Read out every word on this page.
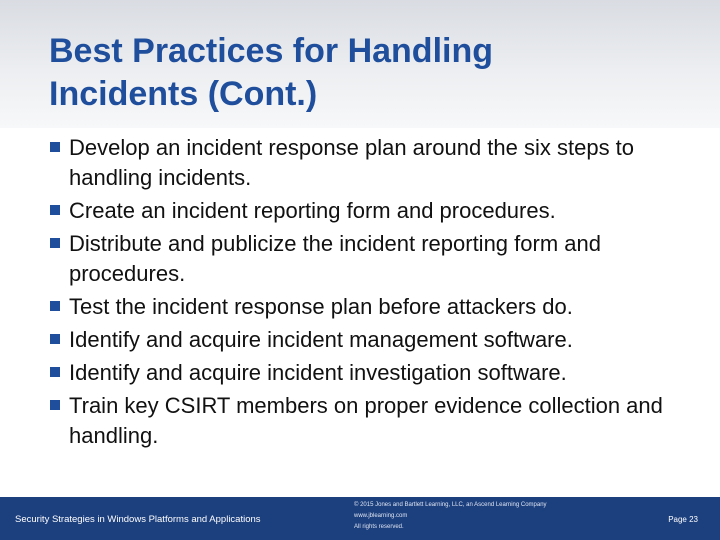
Best Practices for Handling
Incidents (Cont.)
Develop an incident response plan around the six steps to handling incidents.
Create an incident reporting form and procedures.
Distribute and publicize the incident reporting form and procedures.
Test the incident response plan before attackers do.
Identify and acquire incident management software.
Identify and acquire incident investigation software.
Train key CSIRT members on proper evidence collection and handling.
Security Strategies in Windows Platforms and Applications
© 2015 Jones and Bartlett Learning, LLC, an Ascend Learning Company
www.jblearning.com
All rights reserved.
Page 23
